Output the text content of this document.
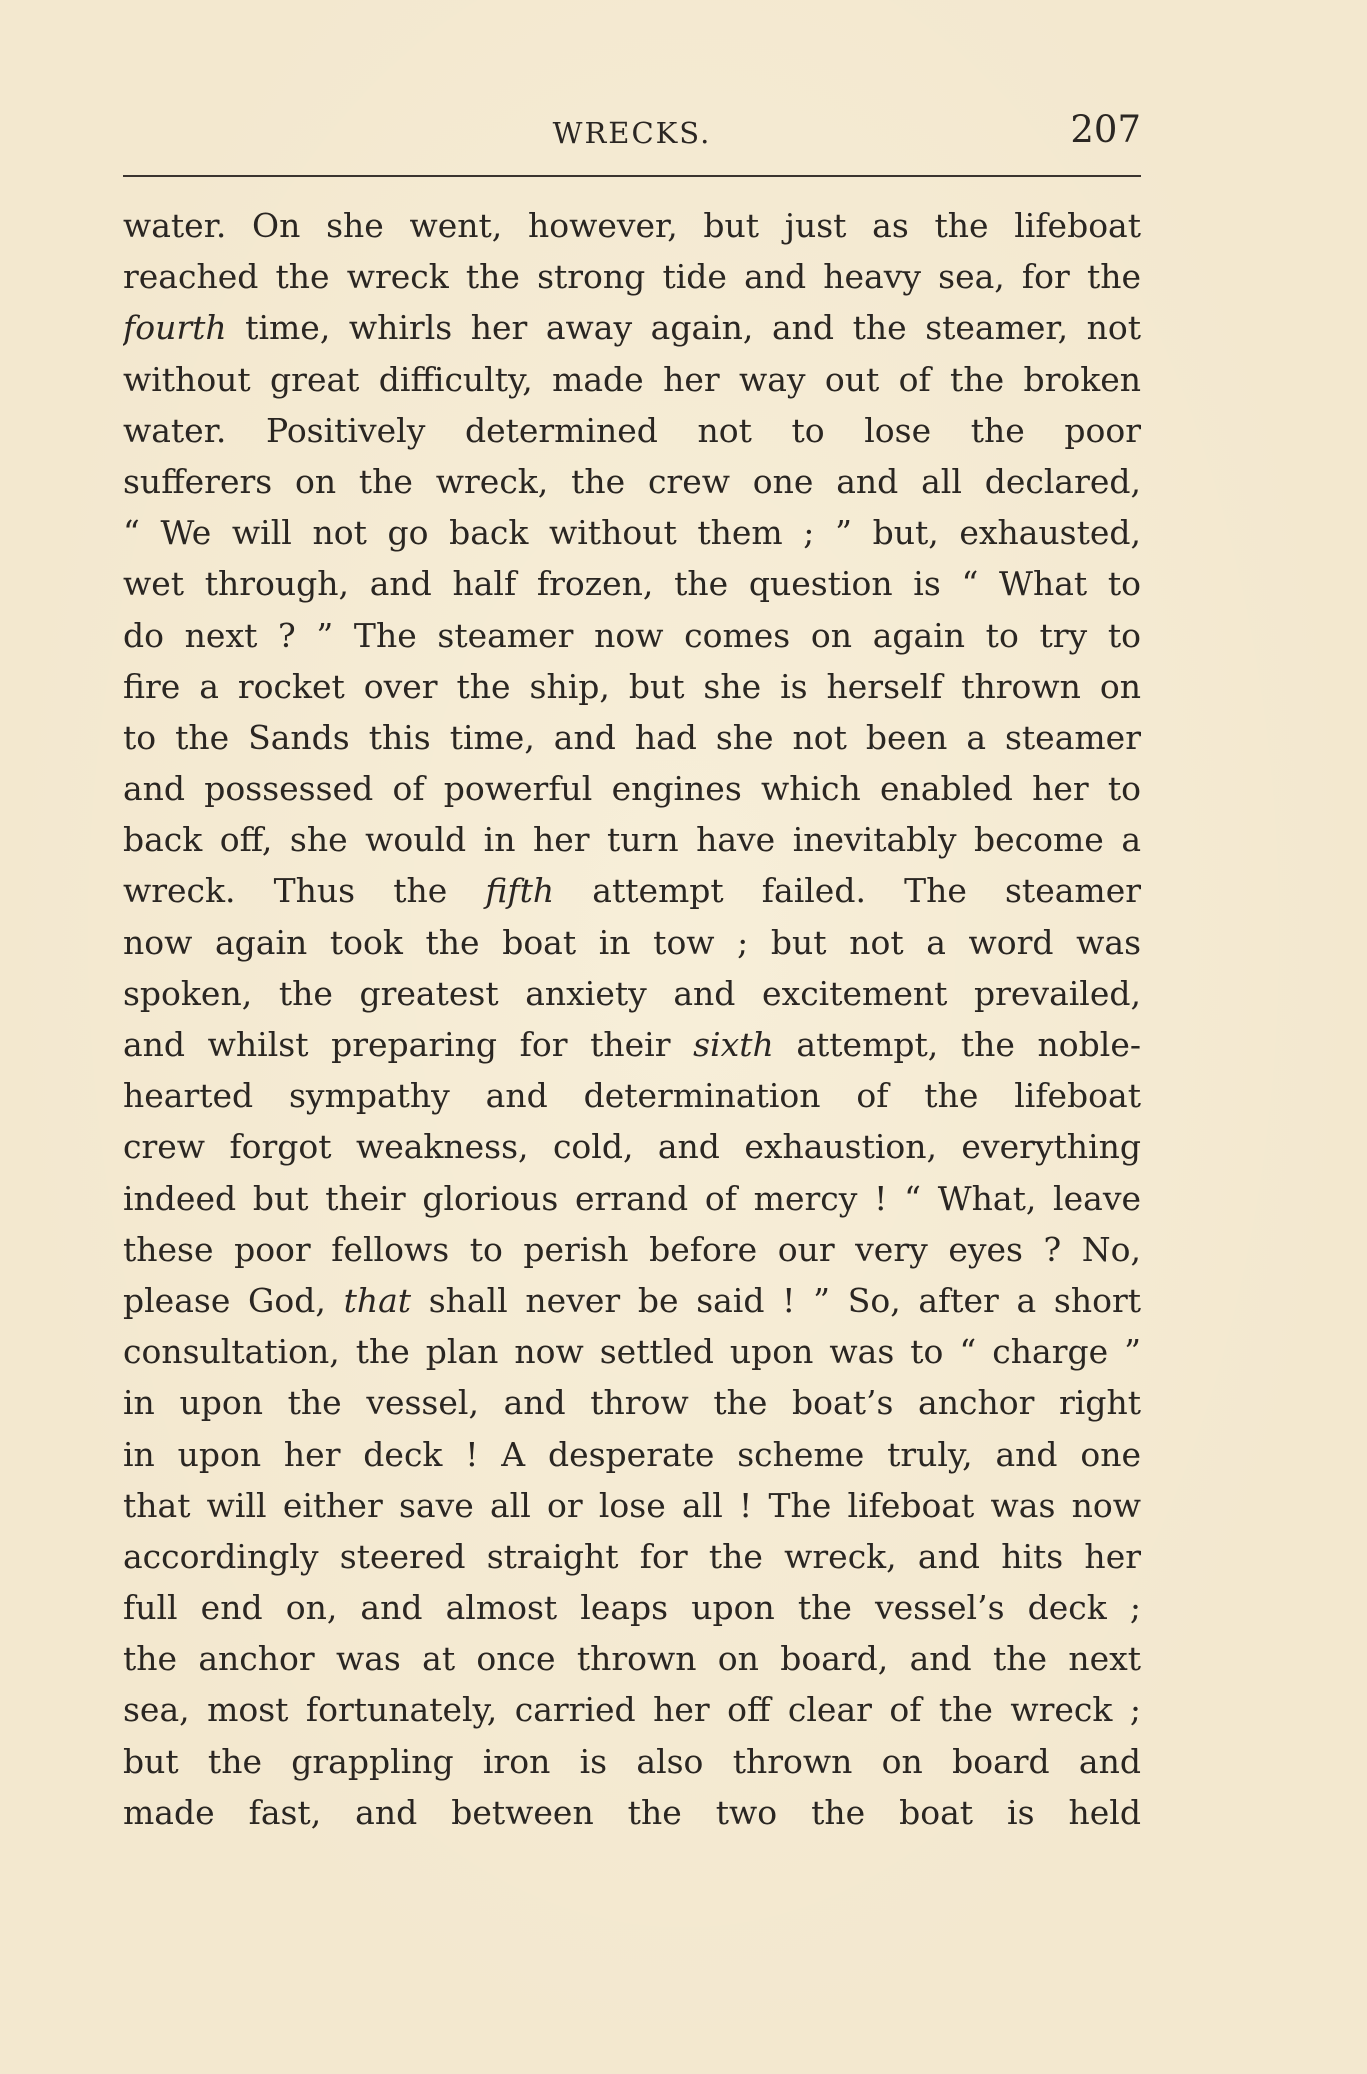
WRECKS.	207
water. On she went, however, but just as the lifeboat
reached the wreck the strong tide and heavy sea, for the
fourth time, whirls her away again, and the steamer, not
without great difficulty, made her way out of the broken
water. Positively determined not to lose the poor
sufferers on the wreck, the crew one and all declared,
“ We will not go back without them ; ” but, exhausted,
wet through, and half frozen, the question is “ What to
do next ? ” The steamer now comes on again to try to
fire a rocket over the ship, but she is herself thrown on
to the Sands this time, and had she not been a steamer
and possessed of powerful engines which enabled her to
back off, she would in her turn have inevitably become a
wreck. Thus the fifth attempt failed. The steamer
now again took the boat in tow ; but not a word was
spoken, the greatest anxiety and excitement prevailed,
and whilst preparing for their sixth attempt, the noble-
hearted sympathy and determination of the lifeboat
crew forgot weakness, cold, and exhaustion, everything
indeed but their glorious errand of mercy ! “ What, leave
these poor fellows to perish before our very eyes ? No,
please God, that shall never be said ! ” So, after a short
consultation, the plan now settled upon was to “ charge ”
in upon the vessel, and throw the boat’s anchor right
in upon her deck ! A desperate scheme truly, and one
that will either save all or lose all ! The lifeboat was now
accordingly steered straight for the wreck, and hits her
full end on, and almost leaps upon the vessel’s deck ;
the anchor was at once thrown on board, and the next
sea, most fortunately, carried her off clear of the wreck ;
but the grappling iron is also thrown on board and
made fast, and between the two the boat is held
